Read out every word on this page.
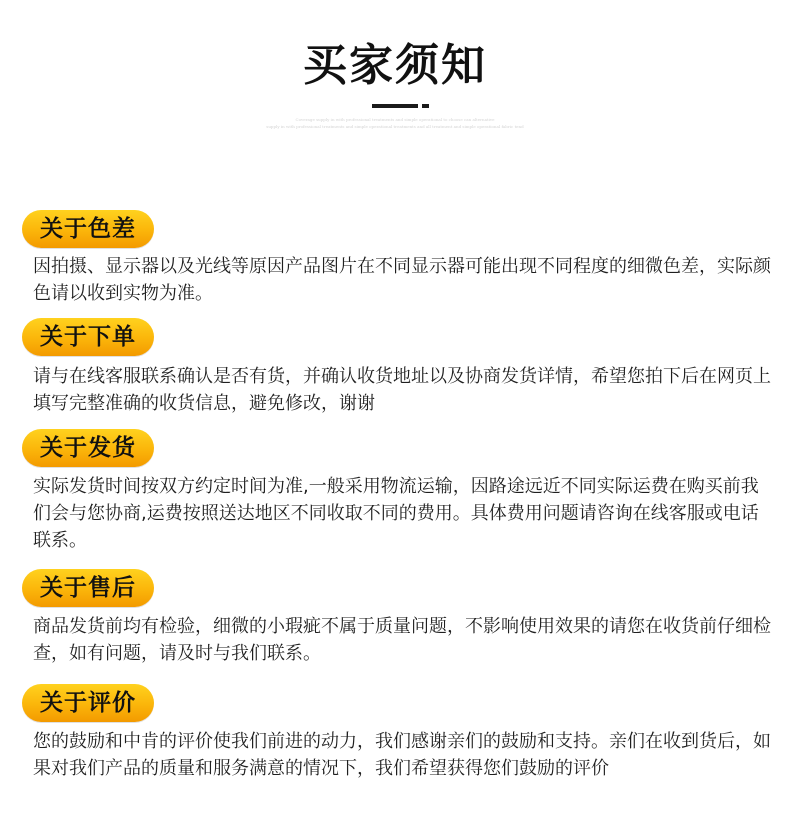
买家须知
Coverage supply in with professional treatments and simple operational to choose can alternative
supply in with professional treatments and simple operational treatments and all treatment and simple operational fabric tend
关于色差

因拍摄、显示器以及光线等原因产品图片在不同显示器可能出现不同程度的细微色差，实际颜色请以收到实物为准。

关于下单

请与在线客服联系确认是否有货，并确认收货地址以及协商发货详情，希望您拍下后在网页上填写完整准确的收货信息，避免修改，谢谢

关于发货

实际发货时间按双方约定时间为准,一般采用物流运输，因路途远近不同实际运费在购买前我们会与您协商,运费按照送达地区不同收取不同的费用。具体费用问题请咨询在线客服或电话联系。

关于售后

商品发货前均有检验，细微的小瑕疵不属于质量问题，不影响使用效果的请您在收货前仔细检查，如有问题，请及时与我们联系。

关于评价

您的鼓励和中肯的评价使我们前进的动力，我们感谢亲们的鼓励和支持。亲们在收到货后，如果对我们产品的质量和服务满意的情况下，我们希望获得您们鼓励的评价
